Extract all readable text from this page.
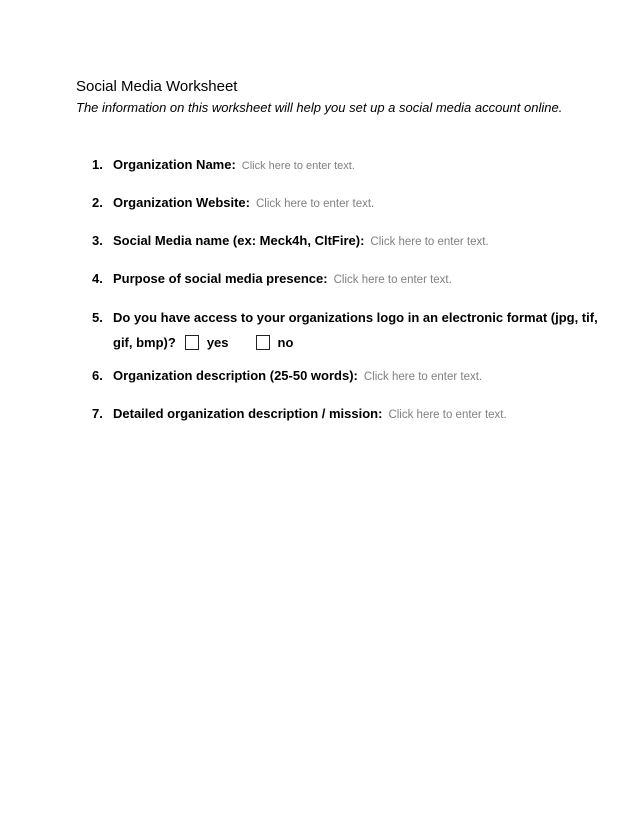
Social Media Worksheet

The information on this worksheet will help you set up a social media account online.

1. Organization Name: Click here to enter text.
2. Organization Website: Click here to enter text.
3. Social Media name (ex: Meck4h, CltFire): Click here to enter text.
4. Purpose of social media presence: Click here to enter text.
5. Do you have access to your organizations logo in an electronic format (jpg, tif,
gif, bmp)? yes	no
6. Organization description (25-50 words): Click here to enter text.
7. Detailed organization description / mission: Click here to enter text.
